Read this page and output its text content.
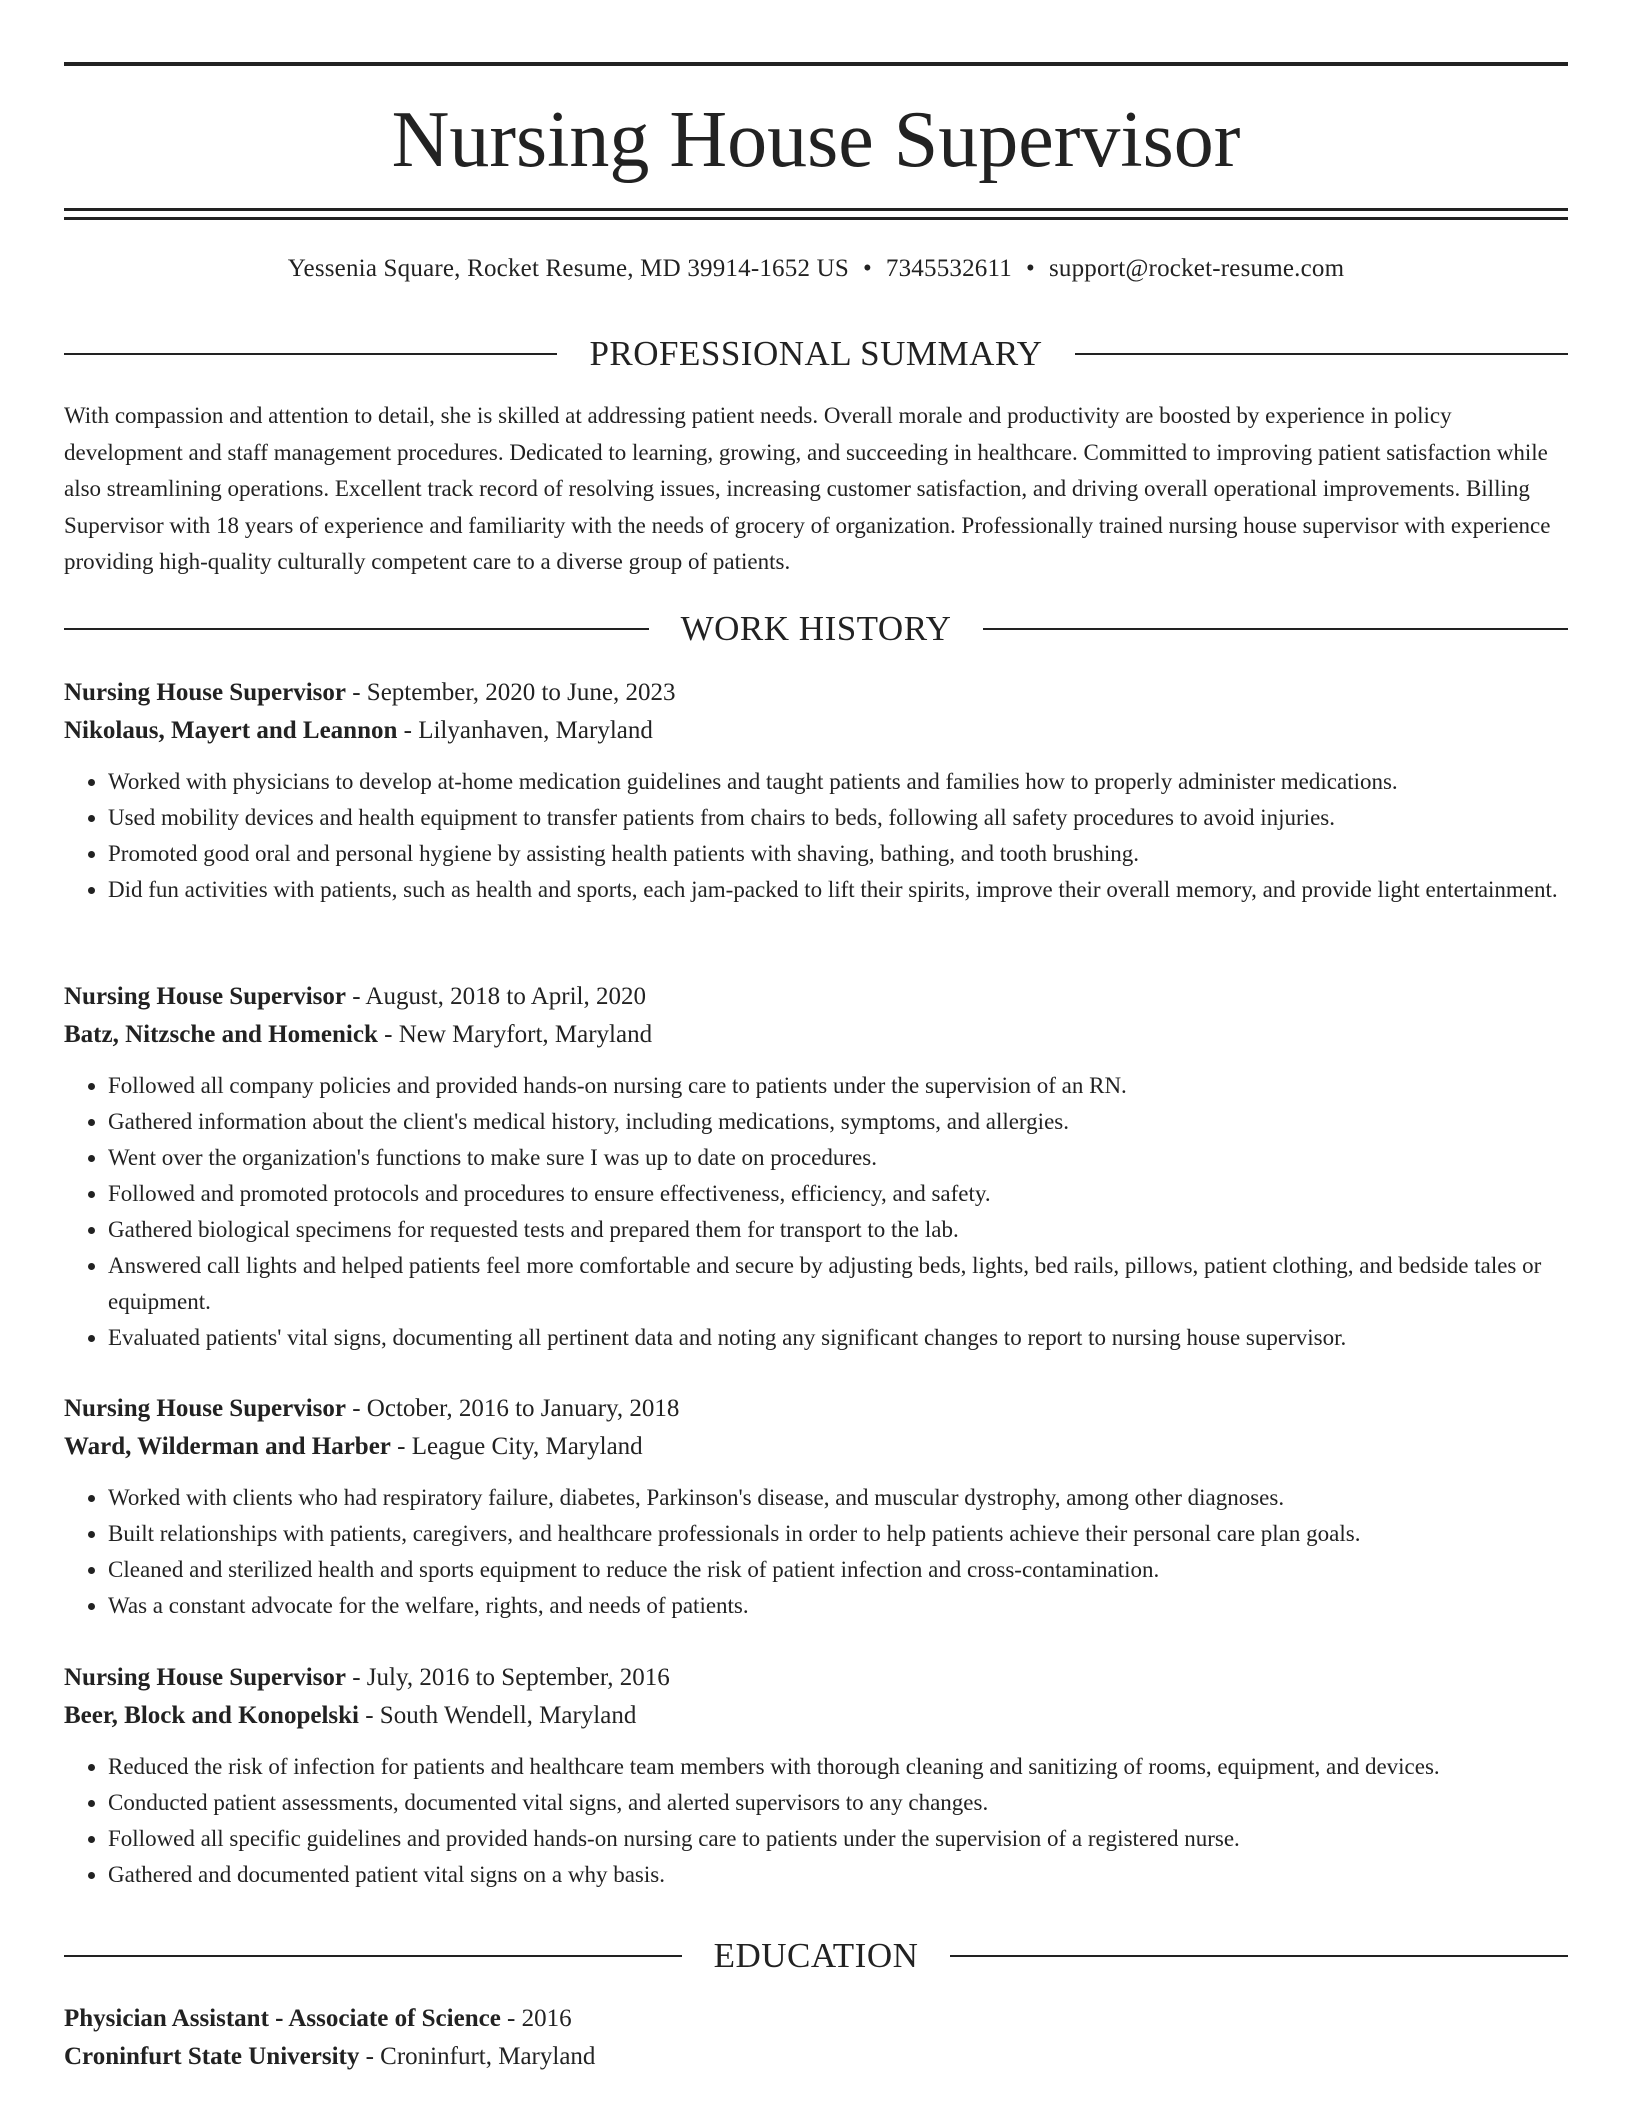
Nursing House Supervisor
Yessenia Square, Rocket Resume, MD 39914-1652 US • 7345532611 • support@rocket-resume.com
PROFESSIONAL SUMMARY

With compassion and attention to detail, she is skilled at addressing patient needs. Overall morale and productivity are boosted by experience in policy development and staff management procedures. Dedicated to learning, growing, and succeeding in healthcare. Committed to improving patient satisfaction while also streamlining operations. Excellent track record of resolving issues, increasing customer satisfaction, and driving overall operational improvements. Billing Supervisor with 18 years of experience and familiarity with the needs of grocery of organization. Professionally trained nursing house supervisor with experience providing high-quality culturally competent care to a diverse group of patients.

WORK HISTORY
Nursing House Supervisor - September, 2020 to June, 2023
Nikolaus, Mayert and Leannon - Lilyanhaven, Maryland
• Worked with physicians to develop at-home medication guidelines and taught patients and families how to properly administer medications.
• Used mobility devices and health equipment to transfer patients from chairs to beds, following all safety procedures to avoid injuries.
• Promoted good oral and personal hygiene by assisting health patients with shaving, bathing, and tooth brushing.
• Did fun activities with patients, such as health and sports, each jam-packed to lift their spirits, improve their overall memory, and provide light entertainment.
Nursing House Supervisor - August, 2018 to April, 2020
Batz, Nitzsche and Homenick - New Maryfort, Maryland
• Followed all company policies and provided hands-on nursing care to patients under the supervision of an RN.
• Gathered information about the client's medical history, including medications, symptoms, and allergies.
• Went over the organization's functions to make sure I was up to date on procedures.
• Followed and promoted protocols and procedures to ensure effectiveness, efficiency, and safety.
• Gathered biological specimens for requested tests and prepared them for transport to the lab.
• Answered call lights and helped patients feel more comfortable and secure by adjusting beds, lights, bed rails, pillows, patient clothing, and bedside tales or equipment.
• Evaluated patients' vital signs, documenting all pertinent data and noting any significant changes to report to nursing house supervisor.
Nursing House Supervisor - October, 2016 to January, 2018
Ward, Wilderman and Harber - League City, Maryland
• Worked with clients who had respiratory failure, diabetes, Parkinson's disease, and muscular dystrophy, among other diagnoses.
• Built relationships with patients, caregivers, and healthcare professionals in order to help patients achieve their personal care plan goals.
• Cleaned and sterilized health and sports equipment to reduce the risk of patient infection and cross-contamination.
• Was a constant advocate for the welfare, rights, and needs of patients.
Nursing House Supervisor - July, 2016 to September, 2016
Beer, Block and Konopelski - South Wendell, Maryland
• Reduced the risk of infection for patients and healthcare team members with thorough cleaning and sanitizing of rooms, equipment, and devices.
• Conducted patient assessments, documented vital signs, and alerted supervisors to any changes.
• Followed all specific guidelines and provided hands-on nursing care to patients under the supervision of a registered nurse.
• Gathered and documented patient vital signs on a why basis.
EDUCATION
Physician Assistant - Associate of Science - 2016
Croninfurt State University - Croninfurt, Maryland
